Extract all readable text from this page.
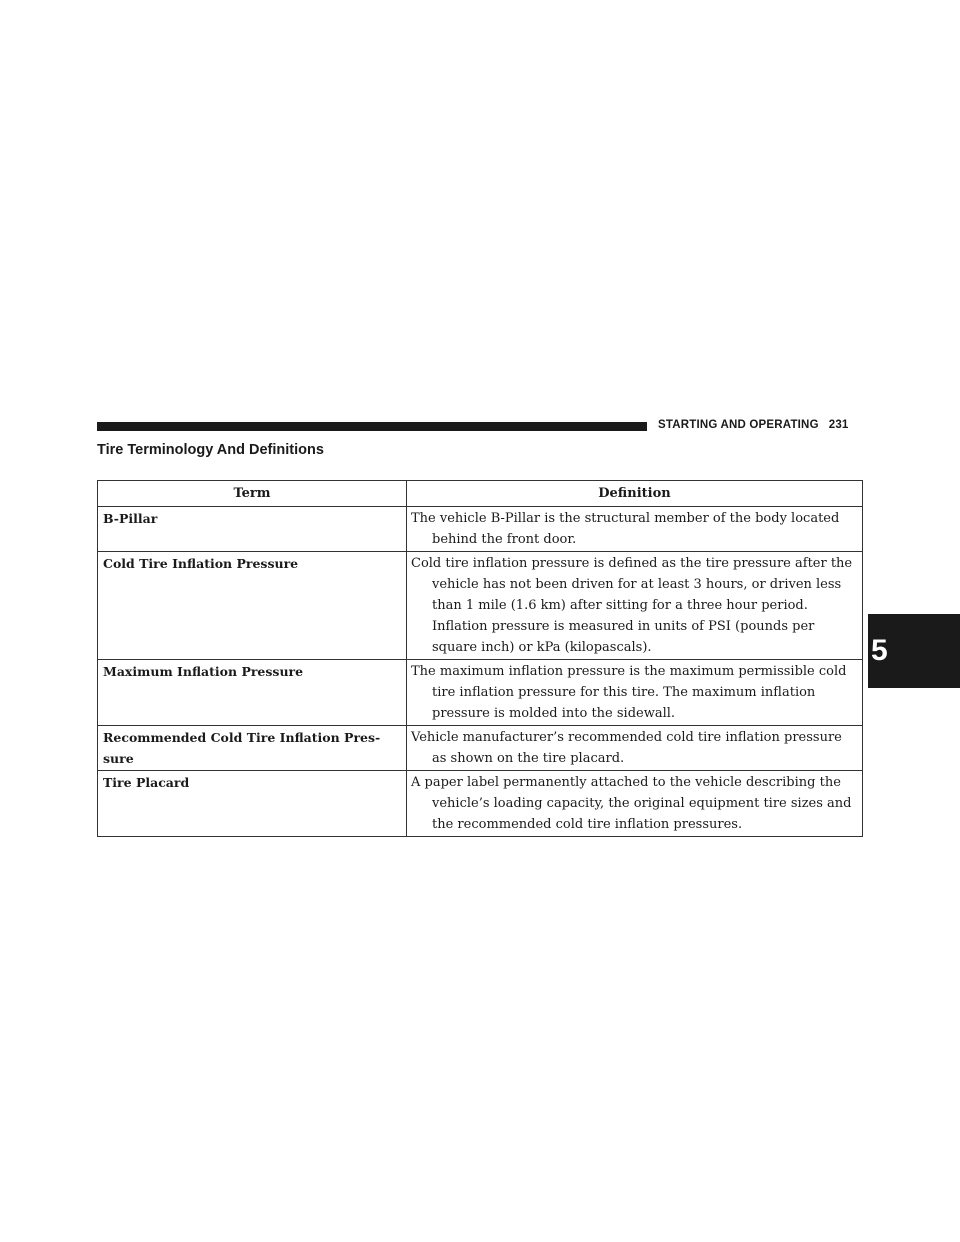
STARTING AND OPERATING 231
Tire Terminology And Definitions
5
Term	Definition
B-Pillar	The vehicle B-Pillar is the structural member of the body located behind the front door.

Cold Tire Inflation Pressure	Cold tire inflation pressure is defined as the tire pressure after the vehicle has not been driven for at least 3 hours, or driven less than 1 mile (1.6 km) after sitting for a three hour period. Inflation pressure is measured in units of PSI (pounds per square inch) or kPa (kilopascals).

Maximum Inflation Pressure	The maximum inflation pressure is the maximum permissible cold tire inflation pressure for this tire. The maximum inflation pressure is molded into the sidewall.

Recommended Cold Tire Inflation Pres- sure	Vehicle manufacturer’s recommended cold tire inflation pressure as shown on the tire placard.

Tire Placard	A paper label permanently attached to the vehicle describing the vehicle’s loading capacity, the original equipment tire sizes and the recommended cold tire inflation pressures.
